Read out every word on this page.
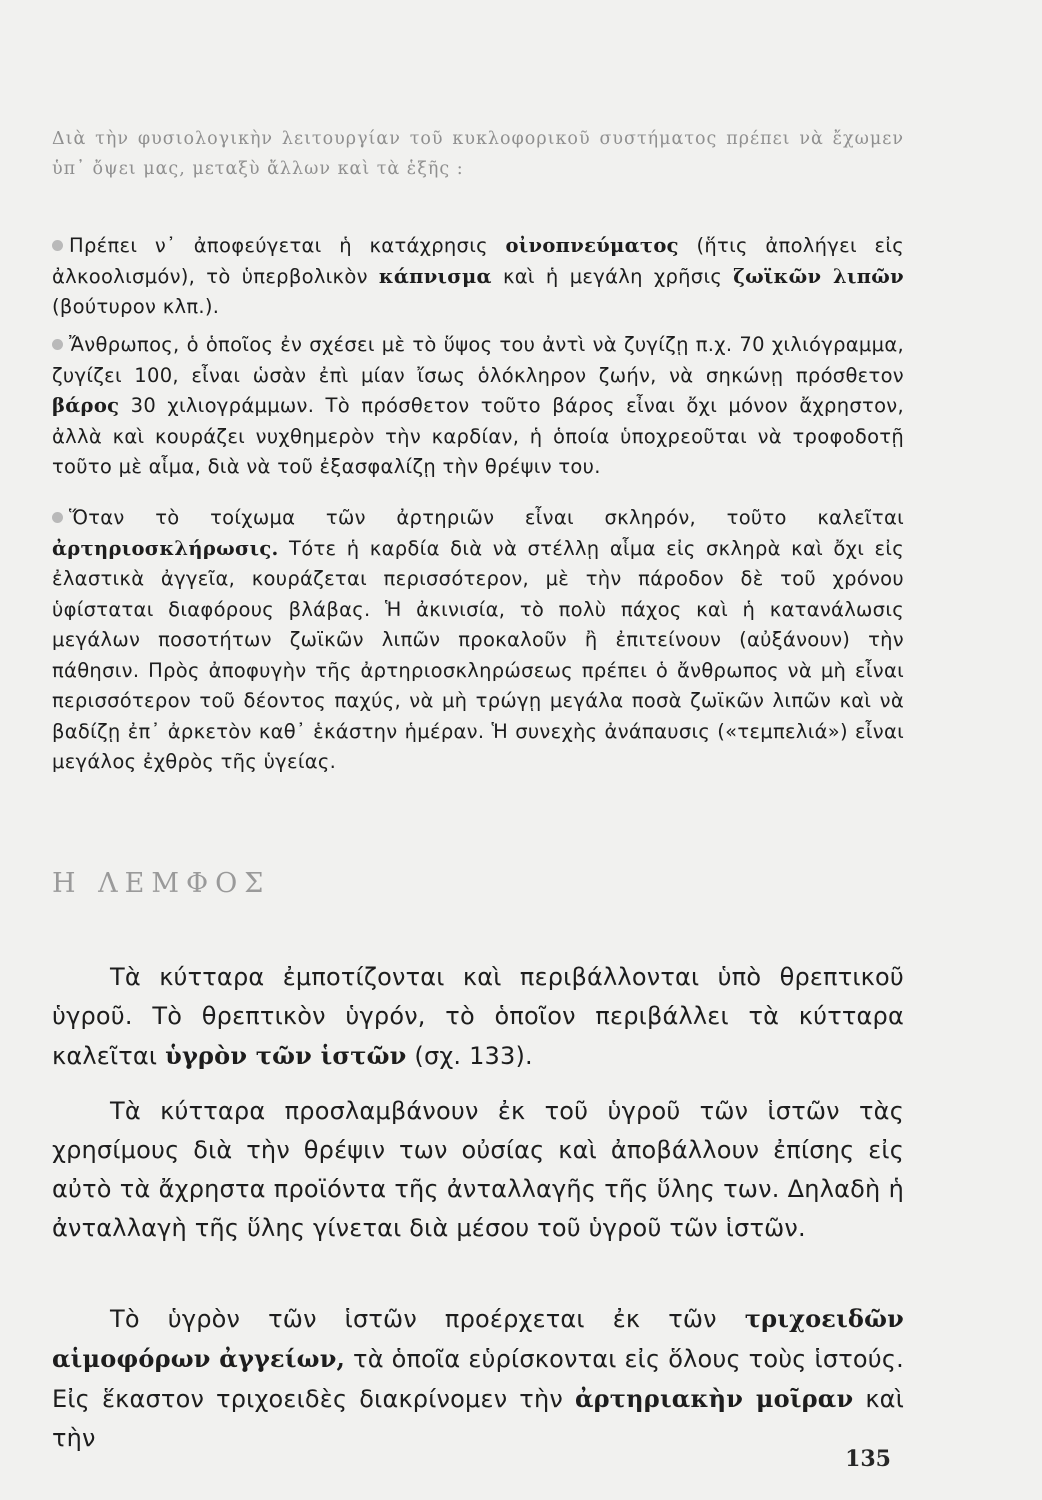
Διὰ τὴν φυσιολογικὴν λειτουργίαν τοῦ κυκλοφορικοῦ συστήματος πρέπει νὰ ἔχωμεν ὑπ᾽ ὄψει μας, μεταξὺ ἄλλων καὶ τὰ ἑξῆς :

Πρέπει ν᾽ ἀποφεύγεται ἡ κατάχρησις οἰνοπνεύματος (ἥτις ἀπολήγει εἰς ἀλκοολισμόν), τὸ ὑπερβολικὸν κάπνισμα καὶ ἡ μεγάλη χρῆσις ζωϊκῶν λιπῶν (βούτυρον κλπ.).

Ἄνθρωπος, ὁ ὁποῖος ἐν σχέσει μὲ τὸ ὕψος του ἀντὶ νὰ ζυγίζῃ π.χ. 70 χιλιόγραμμα, ζυγίζει 100, εἶναι ὡσὰν ἐπὶ μίαν ἴσως ὁλόκληρον ζωήν, νὰ σηκώνῃ πρόσθετον βάρος 30 χιλιογράμμων. Τὸ πρόσθετον τοῦτο βάρος εἶναι ὄχι μόνον ἄχρηστον, ἀλλὰ καὶ κουράζει νυχθημερὸν τὴν καρδίαν, ἡ ὁποία ὑποχρεοῦται νὰ τροφοδοτῇ τοῦτο μὲ αἷμα, διὰ νὰ τοῦ ἐξασφαλίζῃ τὴν θρέψιν του.

Ὅταν τὸ τοίχωμα τῶν ἀρτηριῶν εἶναι σκληρόν, τοῦτο καλεῖται ἀρτηριοσκλήρωσις. Τότε ἡ καρδία διὰ νὰ στέλλῃ αἷμα εἰς σκληρὰ καὶ ὄχι εἰς ἐλαστικὰ ἀγγεῖα, κουράζεται περισσότερον, μὲ τὴν πάροδον δὲ τοῦ χρόνου ὑφίσταται διαφόρους βλάβας. Ἡ ἀκινισία, τὸ πολὺ πάχος καὶ ἡ κατανάλωσις μεγάλων ποσοτήτων ζωϊκῶν λιπῶν προκαλοῦν ἢ ἐπιτείνουν (αὐξάνουν) τὴν πάθησιν. Πρὸς ἀποφυγὴν τῆς ἀρτηριοσκληρώσεως πρέπει ὁ ἄνθρωπος νὰ μὴ εἶναι περισσότερον τοῦ δέοντος παχύς, νὰ μὴ τρώγῃ μεγάλα ποσὰ ζωϊκῶν λιπῶν καὶ νὰ βαδίζῃ ἐπ᾽ ἀρκετὸν καθ᾽ ἑκάστην ἡμέραν. Ἡ συνεχὴς ἀνάπαυσις («τεμπελιά») εἶναι μεγάλος ἐχθρὸς τῆς ὑγείας.

Η ΛΕΜΦΟΣ

Τὰ κύτταρα ἐμποτίζονται καὶ περιβάλλονται ὑπὸ θρεπτικοῦ ὑγροῦ. Τὸ θρεπτικὸν ὑγρόν, τὸ ὁποῖον περιβάλλει τὰ κύτταρα καλεῖται ὑγρὸν τῶν ἱστῶν (σχ. 133).

Τὰ κύτταρα προσλαμβάνουν ἐκ τοῦ ὑγροῦ τῶν ἱστῶν τὰς χρησίμους διὰ τὴν θρέψιν των οὐσίας καὶ ἀποβάλλουν ἐπίσης εἰς αὐτὸ τὰ ἄχρηστα προϊόντα τῆς ἀνταλλαγῆς τῆς ὕλης των. Δηλαδὴ ἡ ἀνταλλαγὴ τῆς ὕλης γίνεται διὰ μέσου τοῦ ὑγροῦ τῶν ἱστῶν.

Τὸ ὑγρὸν τῶν ἱστῶν προέρχεται ἐκ τῶν τριχοειδῶν αἱμοφόρων ἀγγείων, τὰ ὁποῖα εὑρίσκονται εἰς ὅλους τοὺς ἱστούς. Εἰς ἕκαστον τριχοειδὲς διακρίνομεν τὴν ἀρτηριακὴν μοῖραν καὶ τὴν

135
